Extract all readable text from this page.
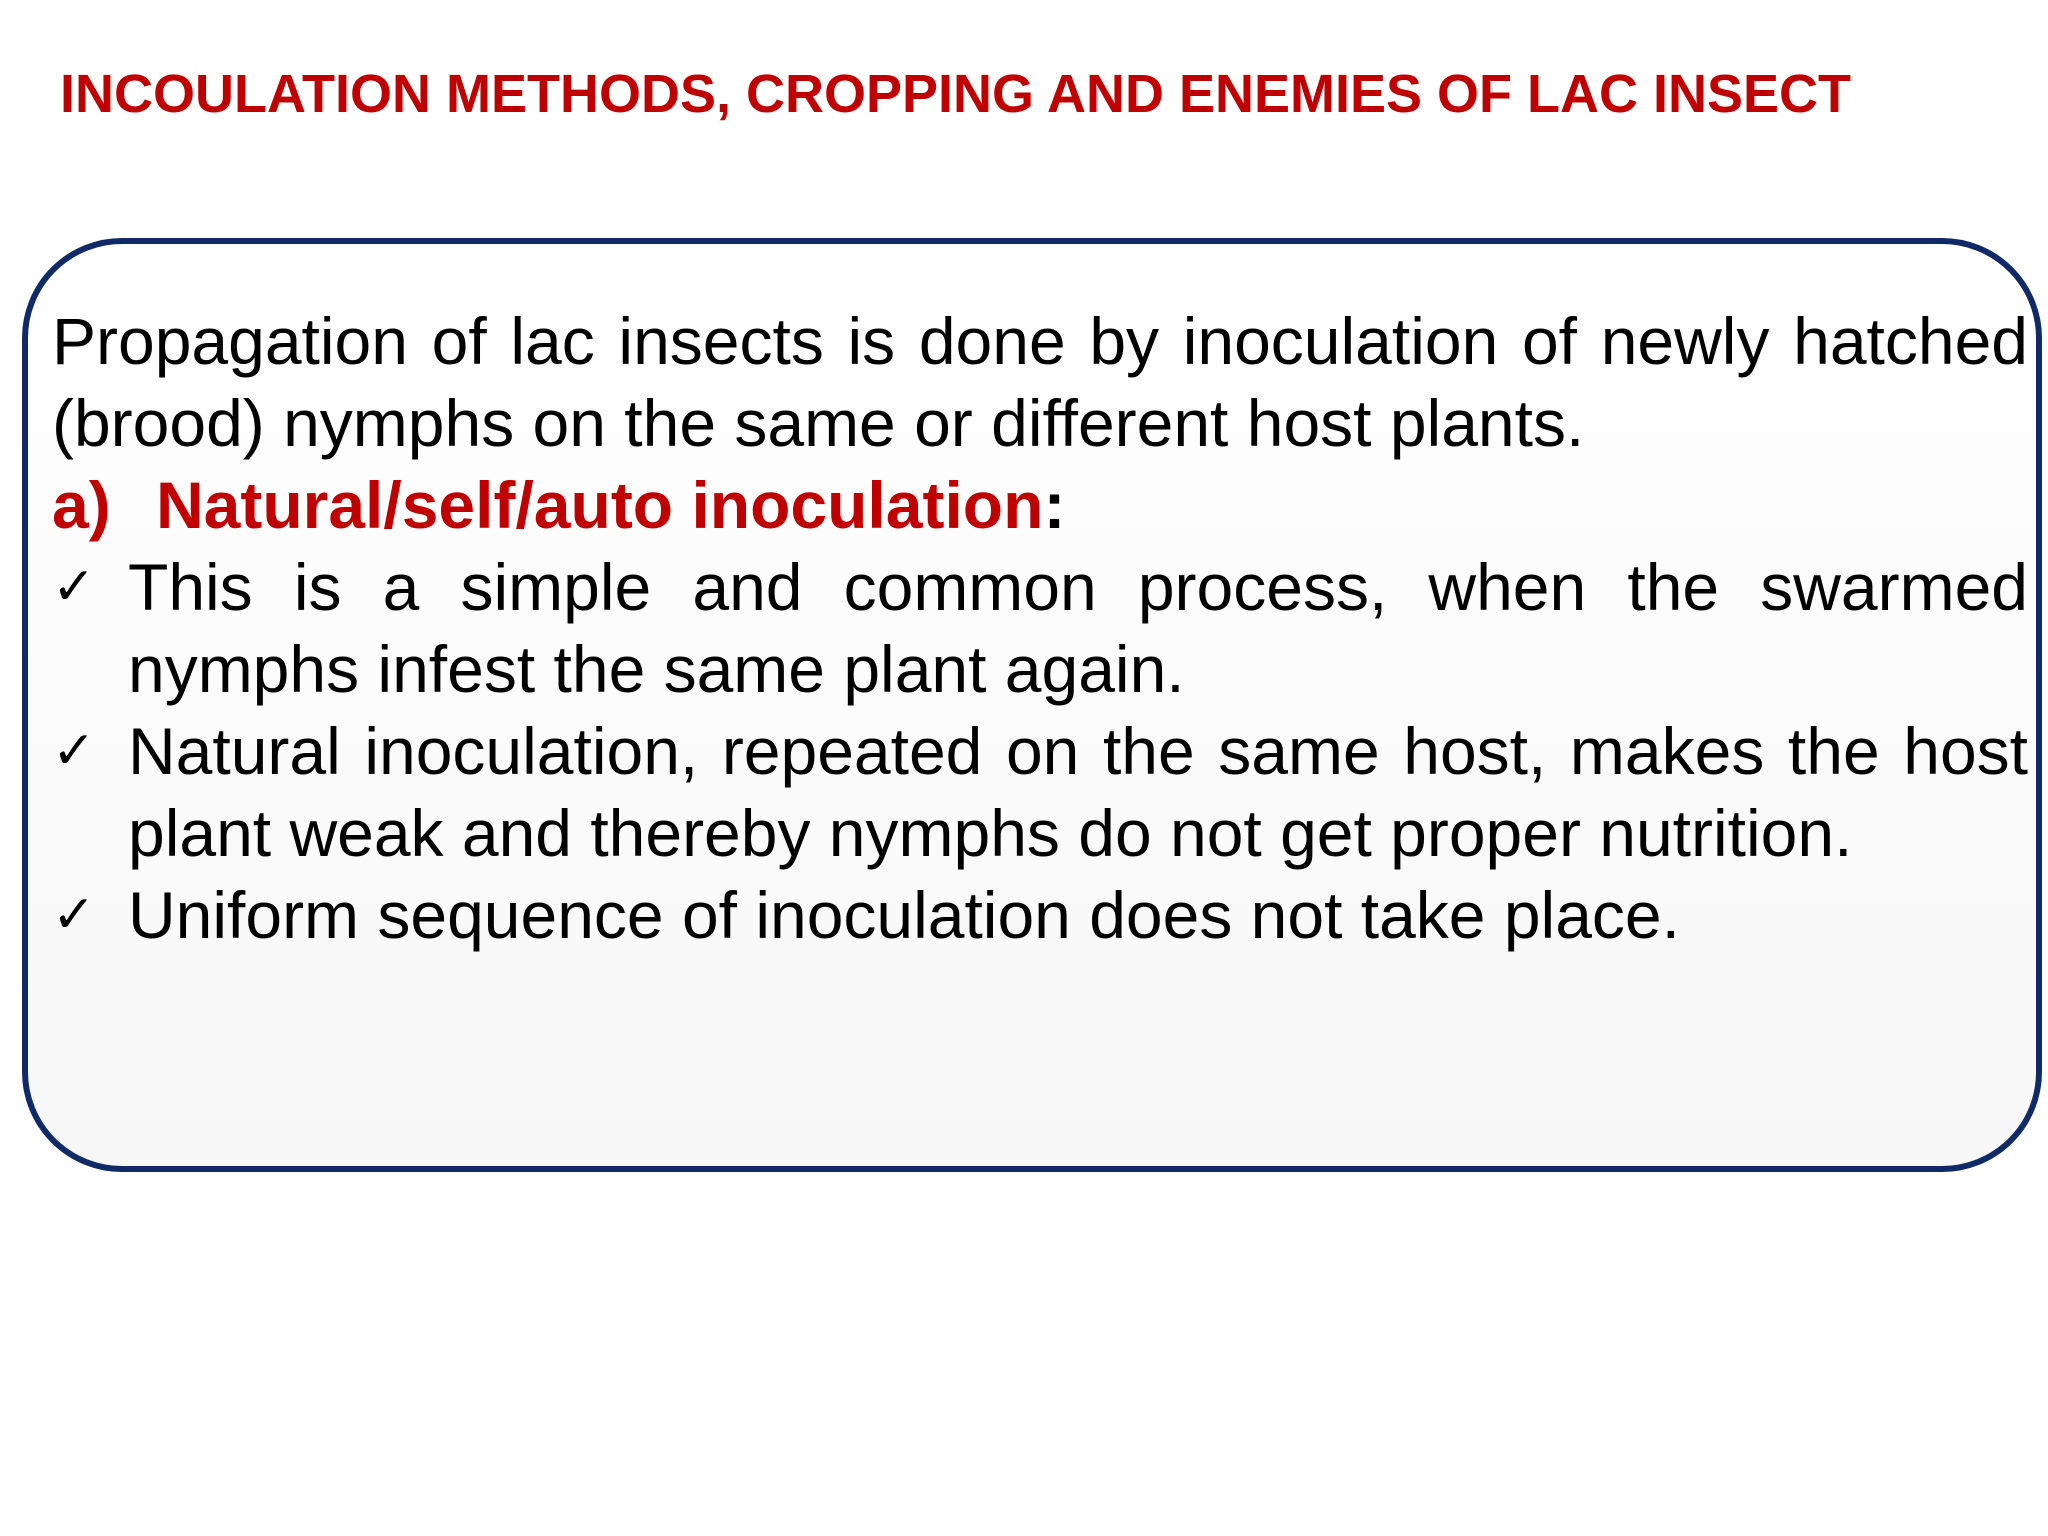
INCOULATION METHODS, CROPPING AND ENEMIES OF LAC INSECT

Propagation of lac insects is done by inoculation of newly hatched (brood) nymphs on the same or different host plants.

a) Natural/self/auto inoculation:

✓ This is a simple and common process, when the swarmed nymphs infest the same plant again.
✓ Natural inoculation, repeated on the same host, makes the host plant weak and thereby nymphs do not get proper nutrition.
✓ Uniform sequence of inoculation does not take place.
